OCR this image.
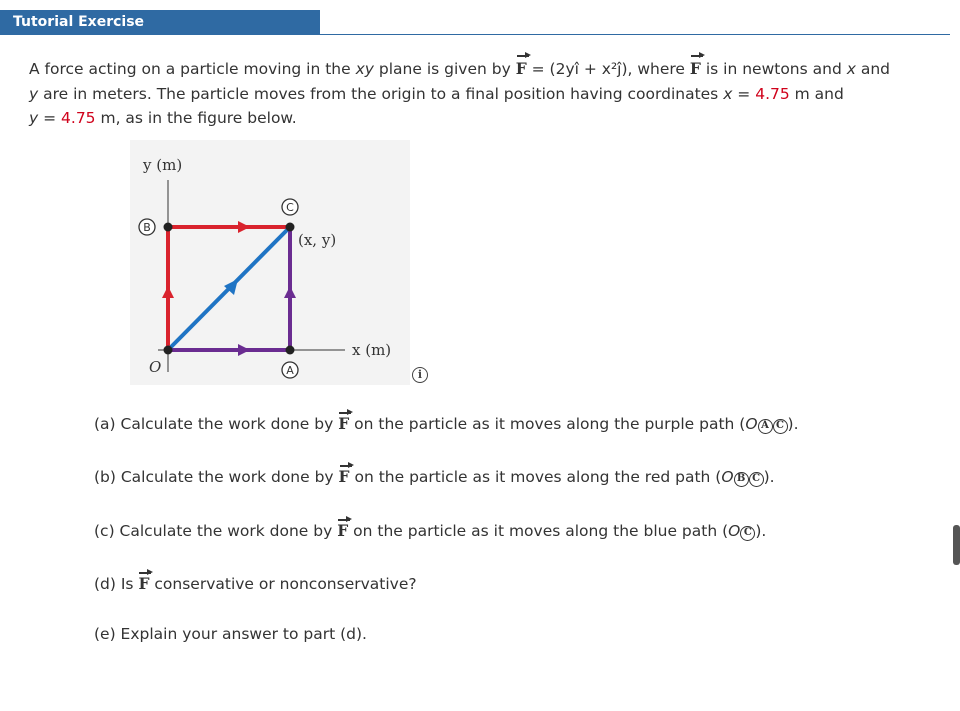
Tutorial Exercise
A force acting on a particle moving in the xy plane is given by F = (2yî + x²ĵ), where F is in newtons and x and
y are in meters. The particle moves from the origin to a final position having coordinates x = 4.75 m and
y = 4.75 m, as in the figure below.
y (m)
x (m)
(x, y)
O	A
B
C
i
(a) Calculate the work done by F on the particle as it moves along the purple path (O A C ).
(b) Calculate the work done by F on the particle as it moves along the red path (O B C ).
(c) Calculate the work done by F on the particle as it moves along the blue path (O C ).
(d) Is F conservative or nonconservative?
(e) Explain your answer to part (d).
